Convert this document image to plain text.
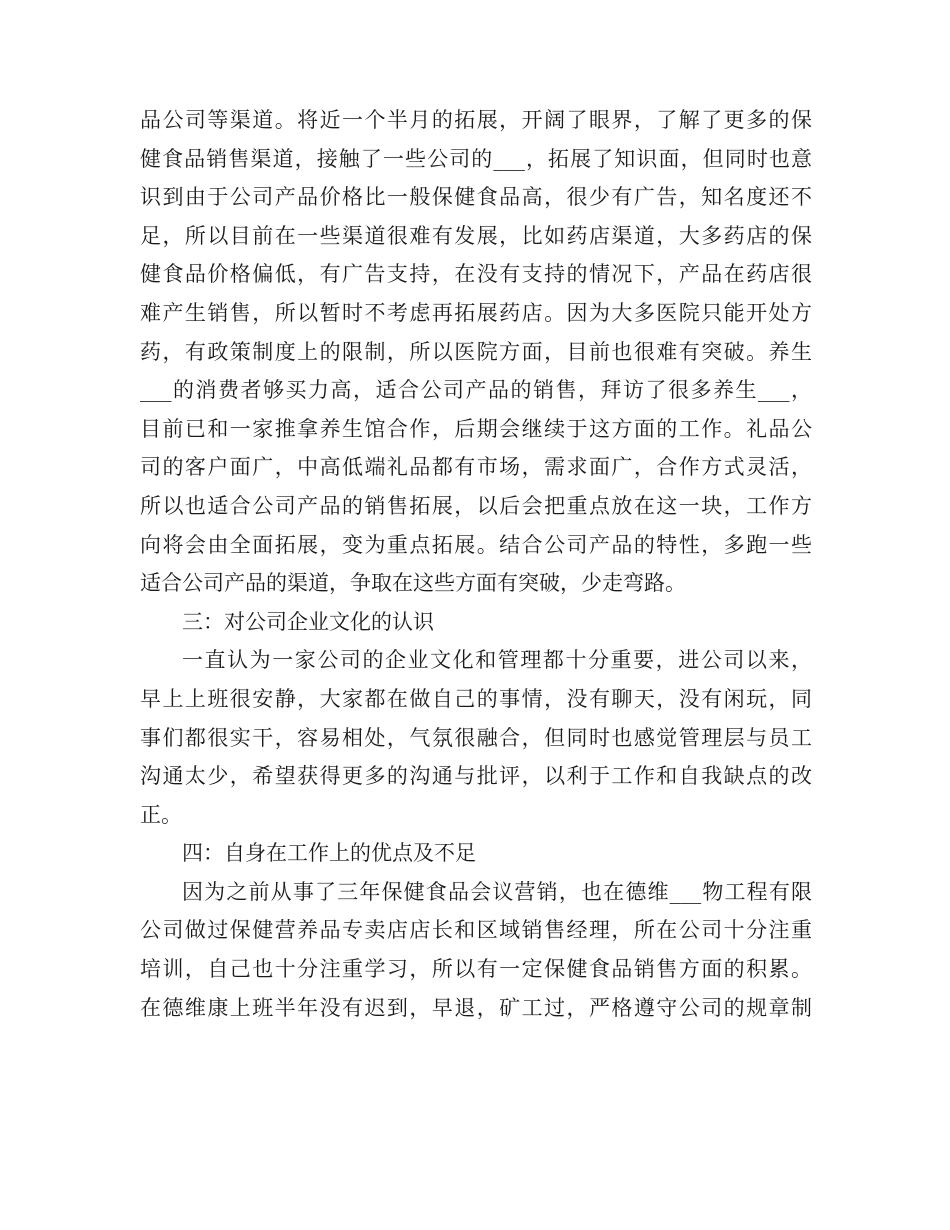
品公司等渠道。将近一个半月的拓展，开阔了眼界，了解了更多的保
健食品销售渠道，接触了一些公司的___，拓展了知识面，但同时也意
识到由于公司产品价格比一般保健食品高，很少有广告，知名度还不
足，所以目前在一些渠道很难有发展，比如药店渠道，大多药店的保
健食品价格偏低，有广告支持，在没有支持的情况下，产品在药店很
难产生销售，所以暂时不考虑再拓展药店。因为大多医院只能开处方
药，有政策制度上的限制，所以医院方面，目前也很难有突破。养生
___的消费者够买力高，适合公司产品的销售，拜访了很多养生___，
目前已和一家推拿养生馆合作，后期会继续于这方面的工作。礼品公
司的客户面广，中高低端礼品都有市场，需求面广，合作方式灵活，
所以也适合公司产品的销售拓展，以后会把重点放在这一块，工作方
向将会由全面拓展，变为重点拓展。结合公司产品的特性，多跑一些
适合公司产品的渠道，争取在这些方面有突破，少走弯路。
三：对公司企业文化的认识
一直认为一家公司的企业文化和管理都十分重要，进公司以来，
早上上班很安静，大家都在做自己的事情，没有聊天，没有闲玩，同
事们都很实干，容易相处，气氛很融合，但同时也感觉管理层与员工
沟通太少，希望获得更多的沟通与批评，以利于工作和自我缺点的改
正。
四：自身在工作上的优点及不足
因为之前从事了三年保健食品会议营销，也在德维___物工程有限
公司做过保健营养品专卖店店长和区域销售经理，所在公司十分注重
培训，自己也十分注重学习，所以有一定保健食品销售方面的积累。
在德维康上班半年没有迟到，早退，矿工过，严格遵守公司的规章制
